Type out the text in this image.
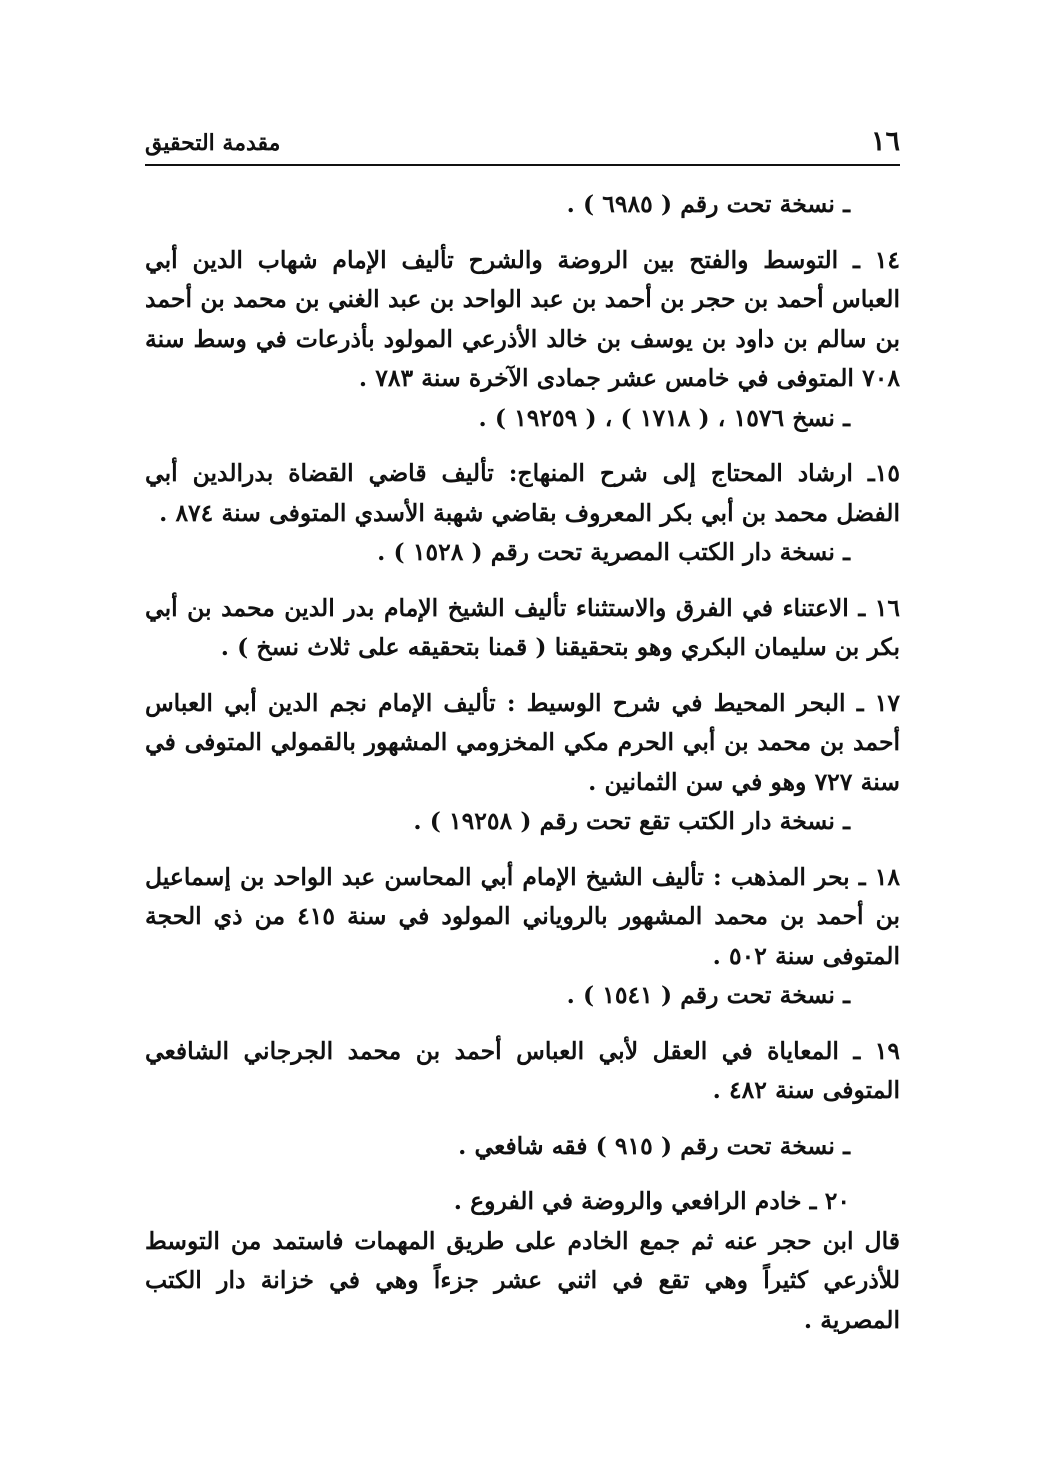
١٦
مقدمة التحقيق

ـ نسخة تحت رقم ( ٦٩٨٥ ) .

١٤ ـ التوسط والفتح بين الروضة والشرح تأليف الإمام شهاب الدين أبي العباس أحمد بن حجر بن أحمد بن عبد الواحد بن عبد الغني بن محمد بن أحمد بن سالم بن داود بن يوسف بن خالد الأذرعي المولود بأذرعات في وسط سنة ٧٠٨ المتوفى في خامس عشر جمادى الآخرة سنة ٧٨٣ .

ـ نسخ ١٥٧٦ ، ( ١٧١٨ ) ، ( ١٩٢٥٩ ) .

١٥ـ ارشاد المحتاج إلى شرح المنهاج: تأليف قاضي القضاة بدرالدين أبي الفضل محمد بن أبي بكر المعروف بقاضي شهبة الأسدي المتوفى سنة ٨٧٤ .

ـ نسخة دار الكتب المصرية تحت رقم ( ١٥٢٨ ) .

١٦ ـ الاعتناء في الفرق والاستثناء تأليف الشيخ الإمام بدر الدين محمد بن أبي بكر بن سليمان البكري وهو بتحقيقنا ( قمنا بتحقيقه على ثلاث نسخ ) .

١٧ ـ البحر المحيط في شرح الوسيط : تأليف الإمام نجم الدين أبي العباس أحمد بن محمد بن أبي الحرم مكي المخزومي المشهور بالقمولي المتوفى في سنة ٧٢٧ وهو في سن الثمانين .

ـ نسخة دار الكتب تقع تحت رقم ( ١٩٢٥٨ ) .

١٨ ـ بحر المذهب : تأليف الشيخ الإمام أبي المحاسن عبد الواحد بن إسماعيل بن أحمد بن محمد المشهور بالروياني المولود في سنة ٤١٥ من ذي الحجة المتوفى سنة ٥٠٢ .

ـ نسخة تحت رقم ( ١٥٤١ ) .

١٩ ـ المعاياة في العقل لأبي العباس أحمد بن محمد الجرجاني الشافعي المتوفى سنة ٤٨٢ .

ـ نسخة تحت رقم ( ٩١٥ ) فقه شافعي .

٢٠ ـ خادم الرافعي والروضة في الفروع .

قال ابن حجر عنه ثم جمع الخادم على طريق المهمات فاستمد من التوسط للأذرعي كثيراً وهي تقع في اثني عشر جزءاً وهي في خزانة دار الكتب المصرية .
